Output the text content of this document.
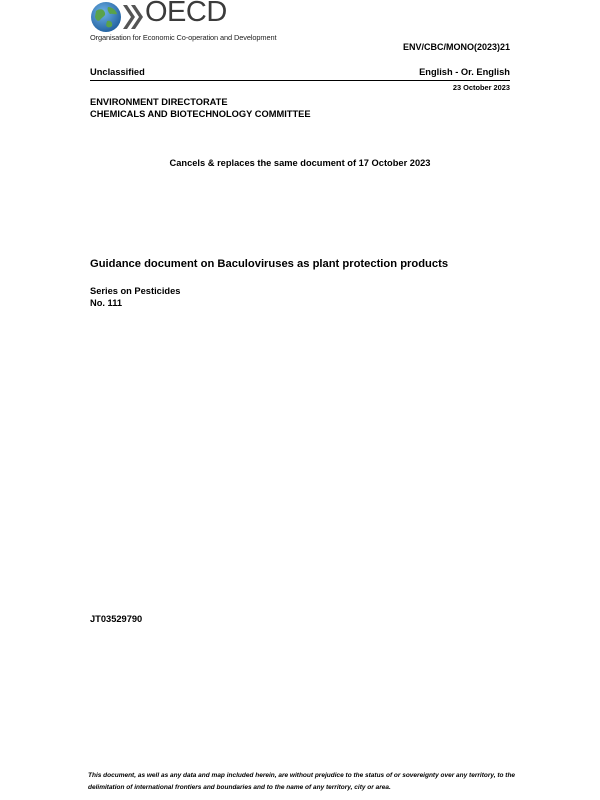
OECD
Organisation for Economic Co-operation and Development
ENV/CBC/MONO(2023)21
Unclassified	English - Or. English
23 October 2023
ENVIRONMENT DIRECTORATE
CHEMICALS AND BIOTECHNOLOGY COMMITTEE
Cancels & replaces the same document of 17 October 2023
Guidance document on Baculoviruses as plant protection products
Series on Pesticides
No. 111
JT03529790
This document, as well as any data and map included herein, are without prejudice to the status of or sovereignty over any territory, to the
delimitation of international frontiers and boundaries and to the name of any territory, city or area.
